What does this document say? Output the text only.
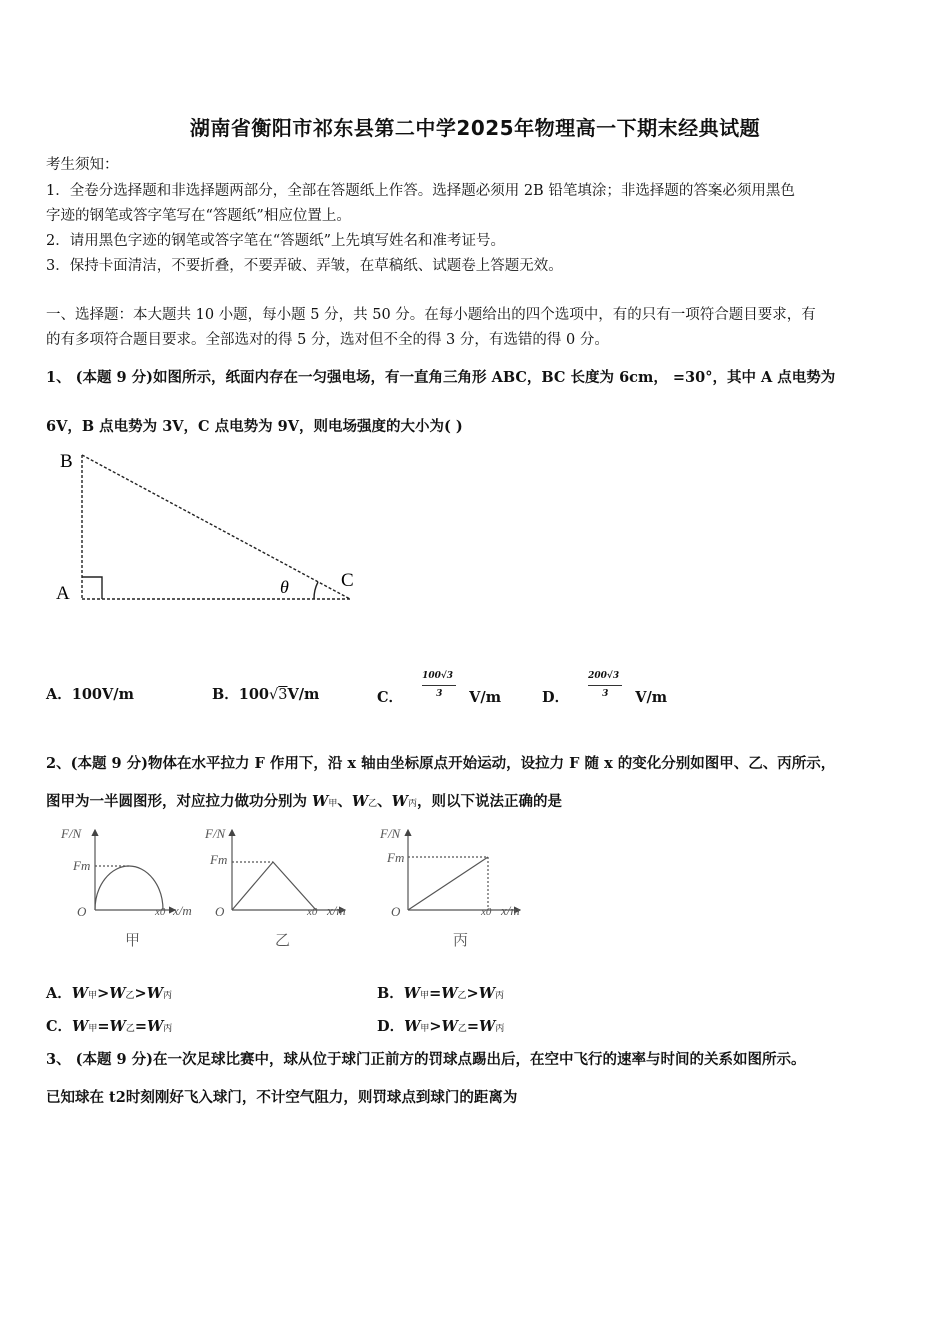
湖南省衡阳市祁东县第二中学2025年物理高一下期末经典试题
考生须知：
1．全卷分选择题和非选择题两部分，全部在答题纸上作答。选择题必须用 2B 铅笔填涂；非选择题的答案必须用黑色
字迹的钢笔或答字笔写在“答题纸”相应位置上。
2．请用黑色字迹的钢笔或答字笔在“答题纸”上先填写姓名和准考证号。
3．保持卡面清洁，不要折叠，不要弄破、弄皱，在草稿纸、试题卷上答题无效。
一、选择题：本大题共 10 小题，每小题 5 分，共 50 分。在每小题给出的四个选项中，有的只有一项符合题目要求，有
的有多项符合题目要求。全部选对的得 5 分，选对但不全的得 3 分，有选错的得 0 分。
1、 (本题 9 分)如图所示，纸面内存在一匀强电场，有一直角三角形 ABC，BC 长度为 6cm， =30°，其中 A 点电势为
6V，B 点电势为 3V，C 点电势为 9V，则电场强度的大小为( )
B
A
C
θ
A．100V/m	B．100√3V/m	C． $\frac{100√3}{3} V/m$	D． $\frac{200√3}{3} V/m$
2、(本题 9 分)物体在水平拉力 F 作用下，沿 x 轴由坐标原点开始运动，设拉力 F 随 x 的变化分别如图甲、乙、丙所示，
图甲为一半圆图形，对应拉力做功分别为 W甲、W乙、W丙，则以下说法正确的是
F/N
Fm
O	x0 x/m
F/N
Fm
O	x0 x/m
F/N
Fm
O	x0 x/m
甲	乙	丙
A．W甲>W乙>W丙	B．W甲=W乙>W丙
C．W甲=W乙=W丙	D．W甲>W乙=W丙
3、 (本题 9 分)在一次足球比赛中，球从位于球门正前方的罚球点踢出后，在空中飞行的速率与时间的关系如图所示。
已知球在 t2时刻刚好飞入球门，不计空气阻力，则罚球点到球门的距离为
